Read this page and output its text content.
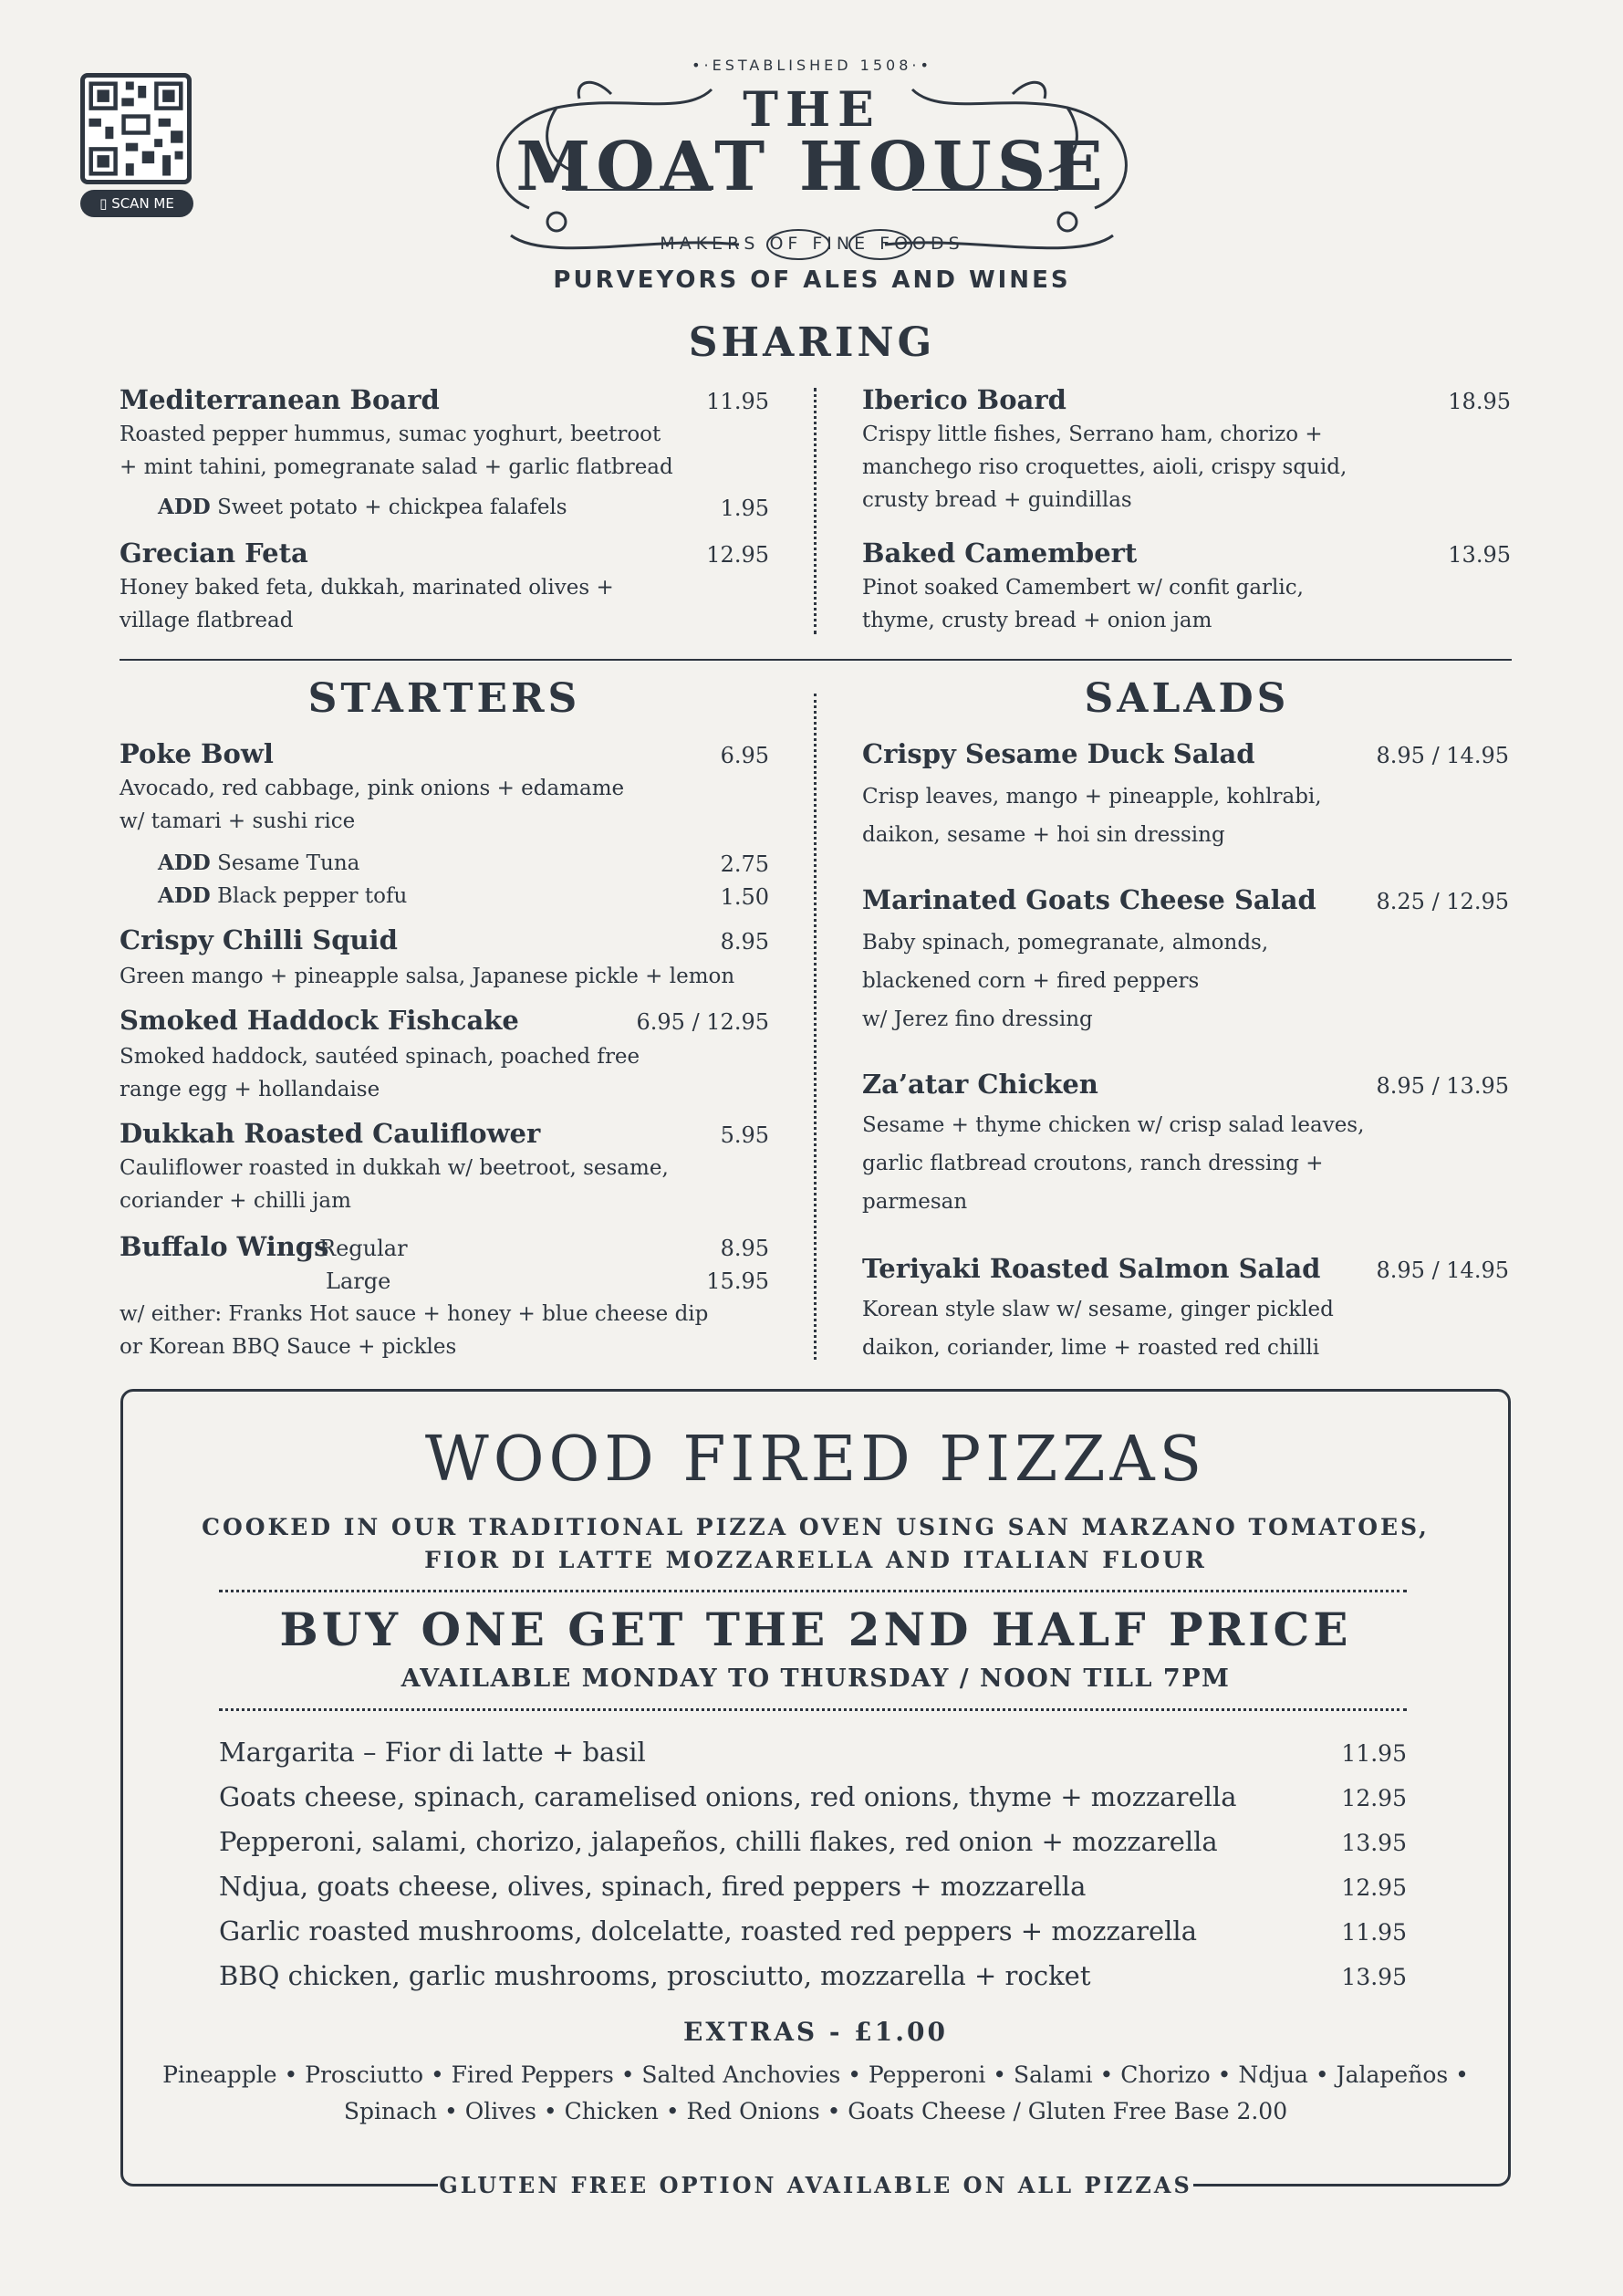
▯ SCAN ME
•·ESTABLISHED 1508·•
THE
MOAT HOUSE
MAKERS OF FINE FOODS
PURVEYORS OF ALES AND WINES
SHARING
Mediterranean Board	11.95
Roasted pepper hummus, sumac yoghurt, beetroot
+ mint tahini, pomegranate salad + garlic flatbread
ADD Sweet potato + chickpea falafels	1.95
Grecian Feta	12.95
Honey baked feta, dukkah, marinated olives +
village flatbread
Iberico Board	18.95
Crispy little fishes, Serrano ham, chorizo +
manchego riso croquettes, aioli, crispy squid,
crusty bread + guindillas
Baked Camembert	13.95
Pinot soaked Camembert w/ confit garlic,
thyme, crusty bread + onion jam
STARTERS
Poke Bowl	6.95
Avocado, red cabbage, pink onions + edamame
w/ tamari + sushi rice
ADD Sesame Tuna	2.75
ADD Black pepper tofu	1.50
Crispy Chilli Squid	8.95
Green mango + pineapple salsa, Japanese pickle + lemon
Smoked Haddock Fishcake	6.95 / 12.95
Smoked haddock, sautéed spinach, poached free
range egg + hollandaise
Dukkah Roasted Cauliflower	5.95
Cauliflower roasted in dukkah w/ beetroot, sesame,
coriander + chilli jam
Buffalo Wings
Regular	8.95
Large	15.95
w/ either: Franks Hot sauce + honey + blue cheese dip
or Korean BBQ Sauce + pickles
SALADS
Crispy Sesame Duck Salad	8.95 / 14.95
Crisp leaves, mango + pineapple, kohlrabi,
daikon, sesame + hoi sin dressing
Marinated Goats Cheese Salad	8.25 / 12.95
Baby spinach, pomegranate, almonds,
blackened corn + fired peppers
w/ Jerez fino dressing
Za’atar Chicken	8.95 / 13.95
Sesame + thyme chicken w/ crisp salad leaves,
garlic flatbread croutons, ranch dressing +
parmesan
Teriyaki Roasted Salmon Salad	8.95 / 14.95
Korean style slaw w/ sesame, ginger pickled
daikon, coriander, lime + roasted red chilli
WOOD FIRED PIZZAS
COOKED IN OUR TRADITIONAL PIZZA OVEN USING SAN MARZANO TOMATOES,
FIOR DI LATTE MOZZARELLA AND ITALIAN FLOUR
BUY ONE GET THE 2ND HALF PRICE
AVAILABLE MONDAY TO THURSDAY / NOON TILL 7PM
Margarita – Fior di latte + basil	11.95
Goats cheese, spinach, caramelised onions, red onions, thyme + mozzarella	12.95
Pepperoni, salami, chorizo, jalapeños, chilli flakes, red onion + mozzarella	13.95
Ndjua, goats cheese, olives, spinach, fired peppers + mozzarella	12.95
Garlic roasted mushrooms, dolcelatte, roasted red peppers + mozzarella	11.95
BBQ chicken, garlic mushrooms, prosciutto, mozzarella + rocket	13.95
EXTRAS - £1.00
Pineapple • Prosciutto • Fired Peppers • Salted Anchovies • Pepperoni • Salami • Chorizo • Ndjua • Jalapeños •
Spinach • Olives • Chicken • Red Onions • Goats Cheese / Gluten Free Base 2.00
GLUTEN FREE OPTION AVAILABLE ON ALL PIZZAS
